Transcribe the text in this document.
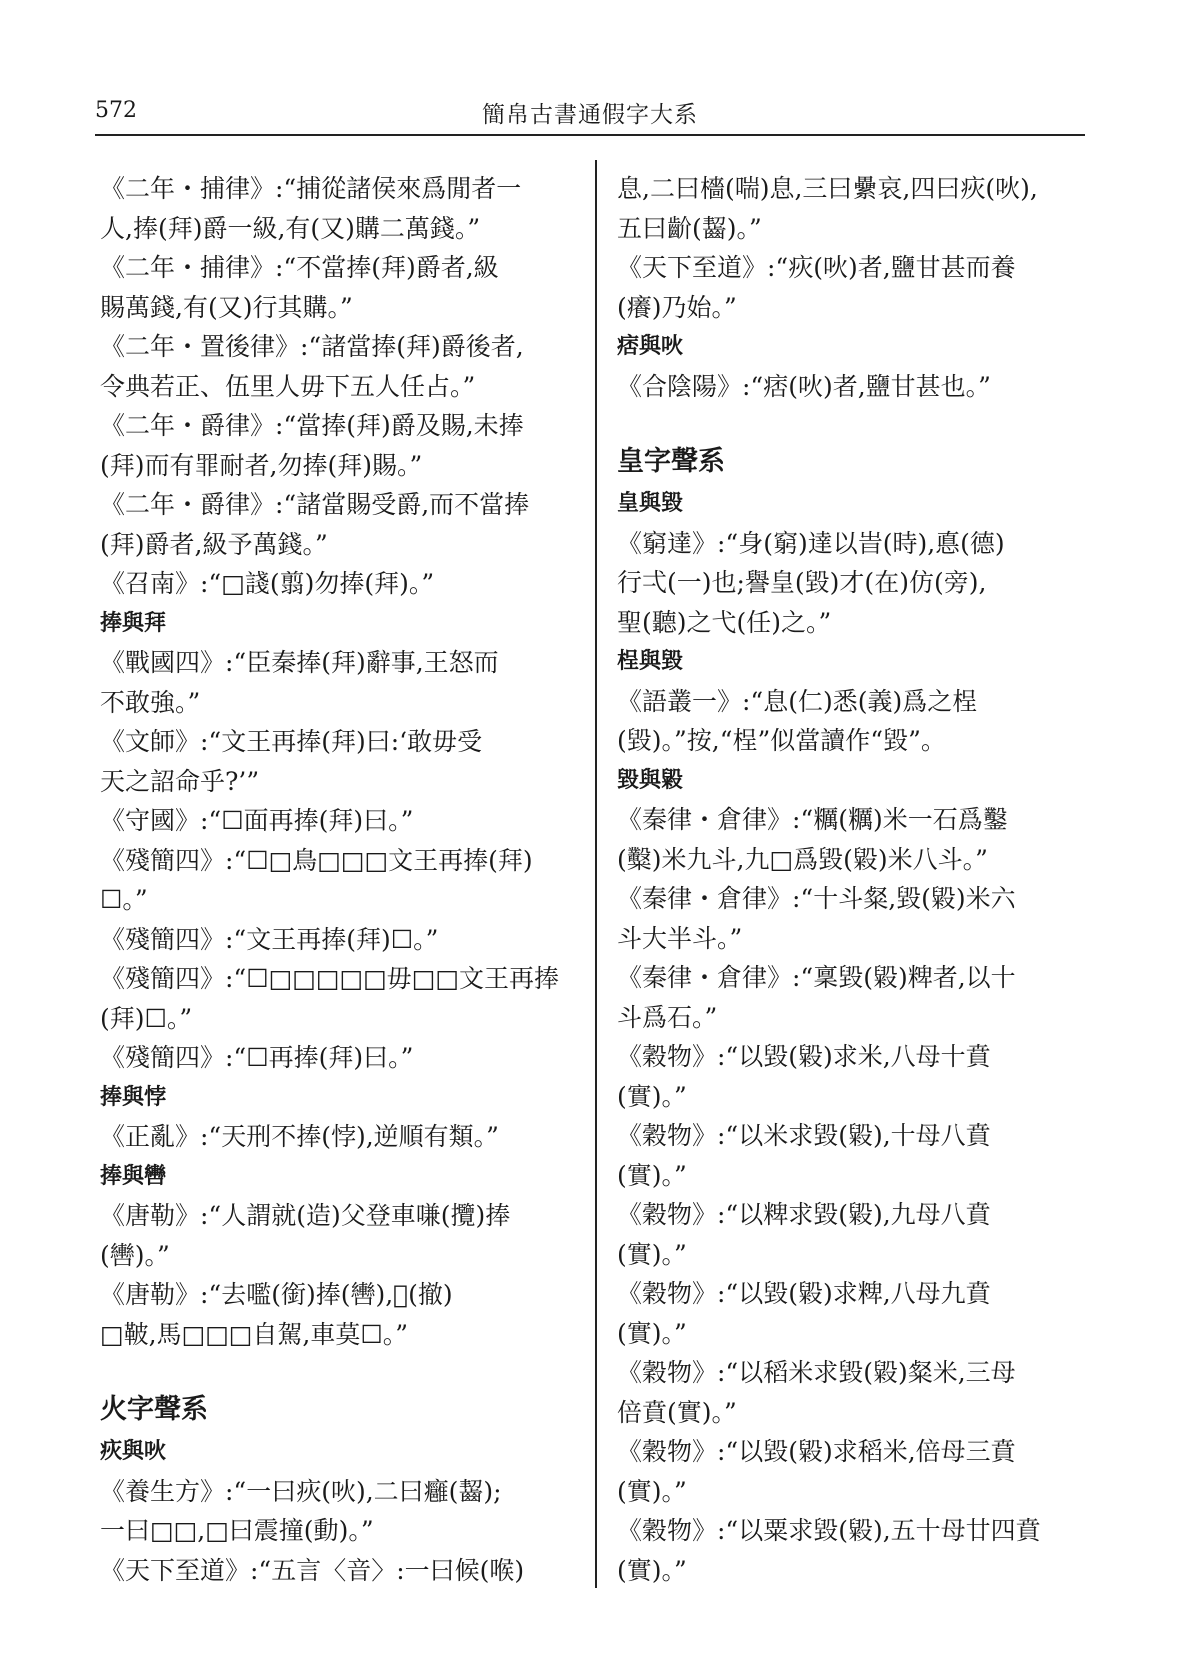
572	簡帛古書通假字大系
《二年・捕律》:“捕從諸侯來爲閒者一
人,捧(拜)爵一級,有(又)購二萬錢。”
《二年・捕律》:“不當捧(拜)爵者,級
賜萬錢,有(又)行其購。”
《二年・置後律》:“諸當捧(拜)爵後者,
令典若正、伍里人毋下五人任占。”
《二年・爵律》:“當捧(拜)爵及賜,未捧
(拜)而有罪耐者,勿捧(拜)賜。”
《二年・爵律》:“諸當賜受爵,而不當捧
(拜)爵者,級予萬錢。”
《召南》:“□諓(翦)勿捧(拜)。”
捧與拜
《戰國四》:“臣秦捧(拜)辭事,王怒而
不敢強。”
《文師》:“文王再捧(拜)曰:‘敢毋受
天之詔命乎?’”
《守國》:“☐面再捧(拜)曰。”
《殘簡四》:“☐□鳥□□□文王再捧(拜)
☐。”
《殘簡四》:“文王再捧(拜)☐。”
《殘簡四》:“☐□□□□□毋□□文王再捧
(拜)☐。”
《殘簡四》:“☐再捧(拜)曰。”
捧與悖
《正亂》:“天刑不捧(悖),逆順有類。”
捧與轡
《唐勒》:“人謂就(造)父登車嗛(攬)捧
(轡)。”
《唐勒》:“去嚂(銜)捧(轡),𠟗(撤)
□鞁,馬□□□自駕,車莫☐。”
火字聲系
疢與吙
《養生方》:“一曰疢(吙),二曰癰(齧);
一曰□□,□曰震撞(動)。”
《天下至道》:“五言〈音〉:一曰候(喉)
息,二曰檣(喘)息,三曰纍哀,四曰疢(吙),
五曰齘(齧)。”
《天下至道》:“疢(吙)者,鹽甘甚而養
(癢)乃始。”
痞與吙
《合陰陽》:“痞(吙)者,鹽甘甚也。”
皇字聲系
皇與毀
《窮達》:“身(窮)達以旹(時),悳(德)
行弌(一)也;譽皇(毀)才(在)仿(旁),
聖(聽)之弋(任)之。”
桯與毀
《語叢一》:“息(仁)悉(義)爲之桯
(毀)。”按,“桯”似當讀作“毀”。
毀與毇
《秦律・倉律》:“糲(糲)米一石爲鑿
(糳)米九斗,九□爲毀(毇)米八斗。”
《秦律・倉律》:“十斗粲,毀(毇)米六
斗大半斗。”
《秦律・倉律》:“稟毀(毇)粺者,以十
斗爲石。”
《穀物》:“以毀(毇)求米,八母十賁
(實)。”
《穀物》:“以米求毀(毇),十母八賁
(實)。”
《穀物》:“以粺求毀(毇),九母八賁
(實)。”
《穀物》:“以毀(毇)求粺,八母九賁
(實)。”
《穀物》:“以稻米求毀(毇)粲米,三母
倍賁(實)。”
《穀物》:“以毀(毇)求稻米,倍母三賁
(實)。”
《穀物》:“以粟求毀(毇),五十母廿四賁
(實)。”
